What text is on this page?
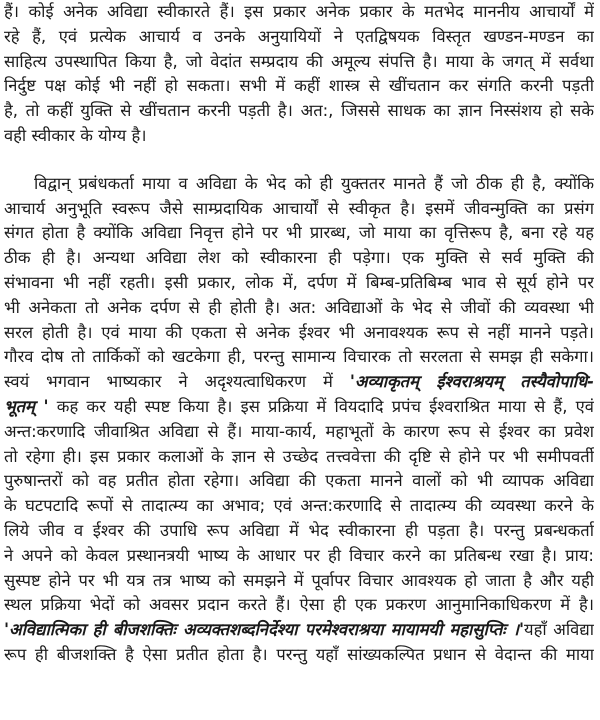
हैं। कोई अनेक अविद्या स्वीकारते हैं। इस प्रकार अनेक प्रकार के मतभेद माननीय आचार्यों में
रहे हैं, एवं प्रत्येक आचार्य व उनके अनुयायियों ने एतद्विषयक विस्तृत खण्डन-मण्डन का
साहित्य उपस्थापित किया है, जो वेदांत सम्प्रदाय की अमूल्य संपत्ति है। माया के जगत् में सर्वथा
निर्दुष्ट पक्ष कोई भी नहीं हो सकता। सभी में कहीं शास्त्र से खींचतान कर संगति करनी पड़ती
है, तो कहीं युक्ति से खींचतान करनी पड़ती है। अत:, जिससे साधक का ज्ञान निस्संशय हो सके
वही स्वीकार के योग्य है।
विद्वान् प्रबंधकर्ता माया व अविद्या के भेद को ही युक्ततर मानते हैं जो ठीक ही है, क्योंकि
आचार्य अनुभूति स्वरूप जैसे साम्प्रदायिक आचार्यों से स्वीकृत है। इसमें जीवन्मुक्ति का प्रसंग
संगत होता है क्योंकि अविद्या निवृत्त होने पर भी प्रारब्ध, जो माया का वृत्तिरूप है, बना रहे यह
ठीक ही है। अन्यथा अविद्या लेश को स्वीकारना ही पड़ेगा। एक मुक्ति से सर्व मुक्ति की
संभावना भी नहीं रहती। इसी प्रकार, लोक में, दर्पण में बिम्ब-प्रतिबिम्ब भाव से सूर्य होने पर
भी अनेकता तो अनेक दर्पण से ही होती है। अत: अविद्याओं के भेद से जीवों की व्यवस्था भी
सरल होती है। एवं माया की एकता से अनेक ईश्वर भी अनावश्यक रूप से नहीं मानने पड़ते।
गौरव दोष तो तार्किकों को खटकेगा ही, परन्तु सामान्य विचारक तो सरलता से समझ ही सकेगा।
स्वयं भगवान भाष्यकार ने अदृश्यत्वाधिकरण में 'अव्याकृतम् ईश्वराश्रयम् तस्यैवोपाधि-
भूतम् ' कह कर यही स्पष्ट किया है। इस प्रक्रिया में वियदादि प्रपंच ईश्वराश्रित माया से हैं, एवं
अन्त:करणादि जीवाश्रित अविद्या से हैं। माया-कार्य, महाभूतों के कारण रूप से ईश्वर का प्रवेश
तो रहेगा ही। इस प्रकार कलाओं के ज्ञान से उच्छेद तत्त्ववेत्ता की दृष्टि से होने पर भी समीपवर्ती
पुरुषान्तरों को वह प्रतीत होता रहेगा। अविद्या की एकता मानने वालों को भी व्यापक अविद्या
के घटपटादि रूपों से तादात्म्य का अभाव; एवं अन्त:करणादि से तादात्म्य की व्यवस्था करने के
लिये जीव व ईश्वर की उपाधि रूप अविद्या में भेद स्वीकारना ही पड़ता है। परन्तु प्रबन्धकर्ता
ने अपने को केवल प्रस्थानत्रयी भाष्य के आधार पर ही विचार करने का प्रतिबन्ध रखा है। प्राय:
सुस्पष्ट होने पर भी यत्र तत्र भाष्य को समझने में पूर्वापर विचार आवश्यक हो जाता है और यही
स्थल प्रक्रिया भेदों को अवसर प्रदान करते हैं। ऐसा ही एक प्रकरण आनुमानिकाधिकरण में है।
'अविद्यात्मिका ही बीजशक्तिः अव्यक्तशब्दनिर्देश्या परमेश्वराश्रया मायामयी महासुप्तिः ।'यहाँ अविद्या
रूप ही बीजशक्ति है ऐसा प्रतीत होता है। परन्तु यहाँ सांख्यकल्पित प्रधान से वेदान्त की माया
